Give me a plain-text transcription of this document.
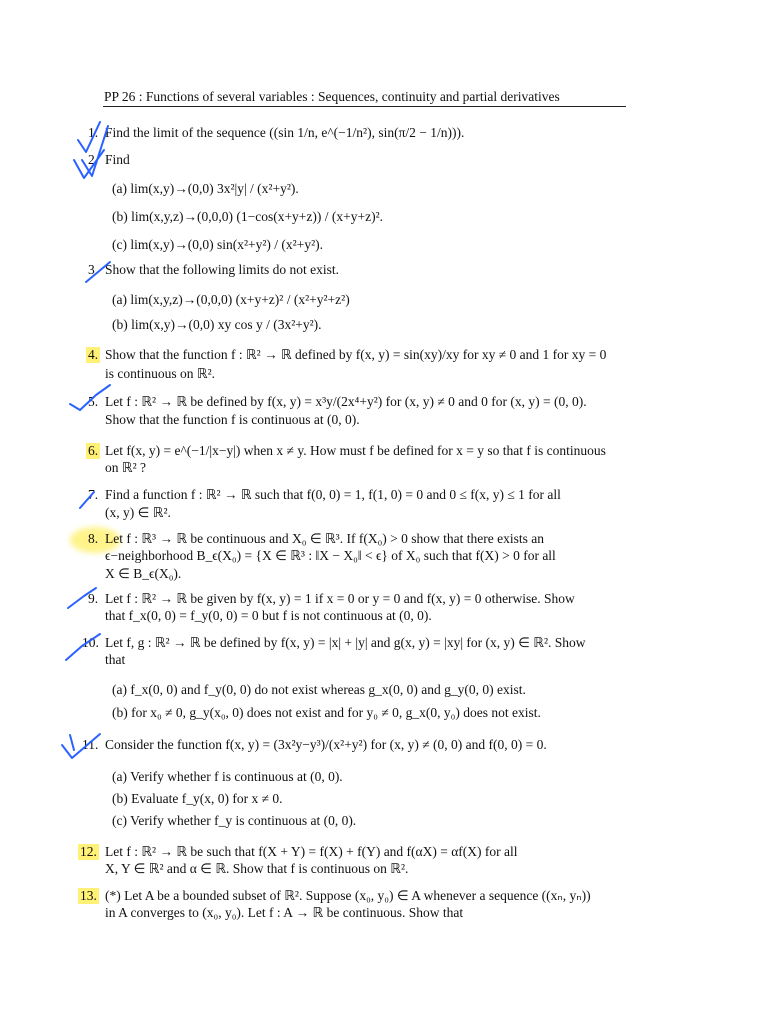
PP 26 : Functions of several variables : Sequences, continuity and partial derivatives
1. Find the limit of the sequence ((sin 1/n, e^(−1/n²), sin(π/2 − 1/n))).
2. Find
(a) lim(x,y)→(0,0) 3x²|y| / (x²+y²).
(b) lim(x,y,z)→(0,0,0) (1−cos(x+y+z)) / (x+y+z)².
(c) lim(x,y)→(0,0) sin(x²+y²) / (x²+y²).
3. Show that the following limits do not exist.
(a) lim(x,y,z)→(0,0,0) (x+y+z)² / (x²+y²+z²)
(b) lim(x,y)→(0,0) xy cos y / (3x²+y²).
4. Show that the function f : ℝ² → ℝ defined by f(x, y) = sin(xy)/xy for xy ≠ 0 and 1 for xy = 0
is continuous on ℝ².
5. Let f : ℝ² → ℝ be defined by f(x, y) = x³y/(2x⁴+y²) for (x, y) ≠ 0 and 0 for (x, y) = (0, 0).
Show that the function f is continuous at (0, 0).
6. Let f(x, y) = e^(−1/|x−y|) when x ≠ y. How must f be defined for x = y so that f is continuous
on ℝ² ?
7. Find a function f : ℝ² → ℝ such that f(0, 0) = 1, f(1, 0) = 0 and 0 ≤ f(x, y) ≤ 1 for all
(x, y) ∈ ℝ².
8. Let f : ℝ³ → ℝ be continuous and X₀ ∈ ℝ³. If f(X₀) > 0 show that there exists an
ϵ−neighborhood B_ϵ(X₀) = {X ∈ ℝ³ : ‖X − X₀‖ < ϵ} of X₀ such that f(X) > 0 for all
X ∈ B_ϵ(X₀).
9. Let f : ℝ² → ℝ be given by f(x, y) = 1 if x = 0 or y = 0 and f(x, y) = 0 otherwise. Show
that f_x(0, 0) = f_y(0, 0) = 0 but f is not continuous at (0, 0).
10. Let f, g : ℝ² → ℝ be defined by f(x, y) = |x| + |y| and g(x, y) = |xy| for (x, y) ∈ ℝ². Show
that
(a) f_x(0, 0) and f_y(0, 0) do not exist whereas g_x(0, 0) and g_y(0, 0) exist.
(b) for x₀ ≠ 0, g_y(x₀, 0) does not exist and for y₀ ≠ 0, g_x(0, y₀) does not exist.
11. Consider the function f(x, y) = (3x²y−y³)/(x²+y²) for (x, y) ≠ (0, 0) and f(0, 0) = 0.
(a) Verify whether f is continuous at (0, 0).
(b) Evaluate f_y(x, 0) for x ≠ 0.
(c) Verify whether f_y is continuous at (0, 0).
12. Let f : ℝ² → ℝ be such that f(X + Y) = f(X) + f(Y) and f(αX) = αf(X) for all
X, Y ∈ ℝ² and α ∈ ℝ. Show that f is continuous on ℝ².
13. (*) Let A be a bounded subset of ℝ². Suppose (x₀, y₀) ∈ A whenever a sequence ((xₙ, yₙ))
in A converges to (x₀, y₀). Let f : A → ℝ be continuous. Show that
